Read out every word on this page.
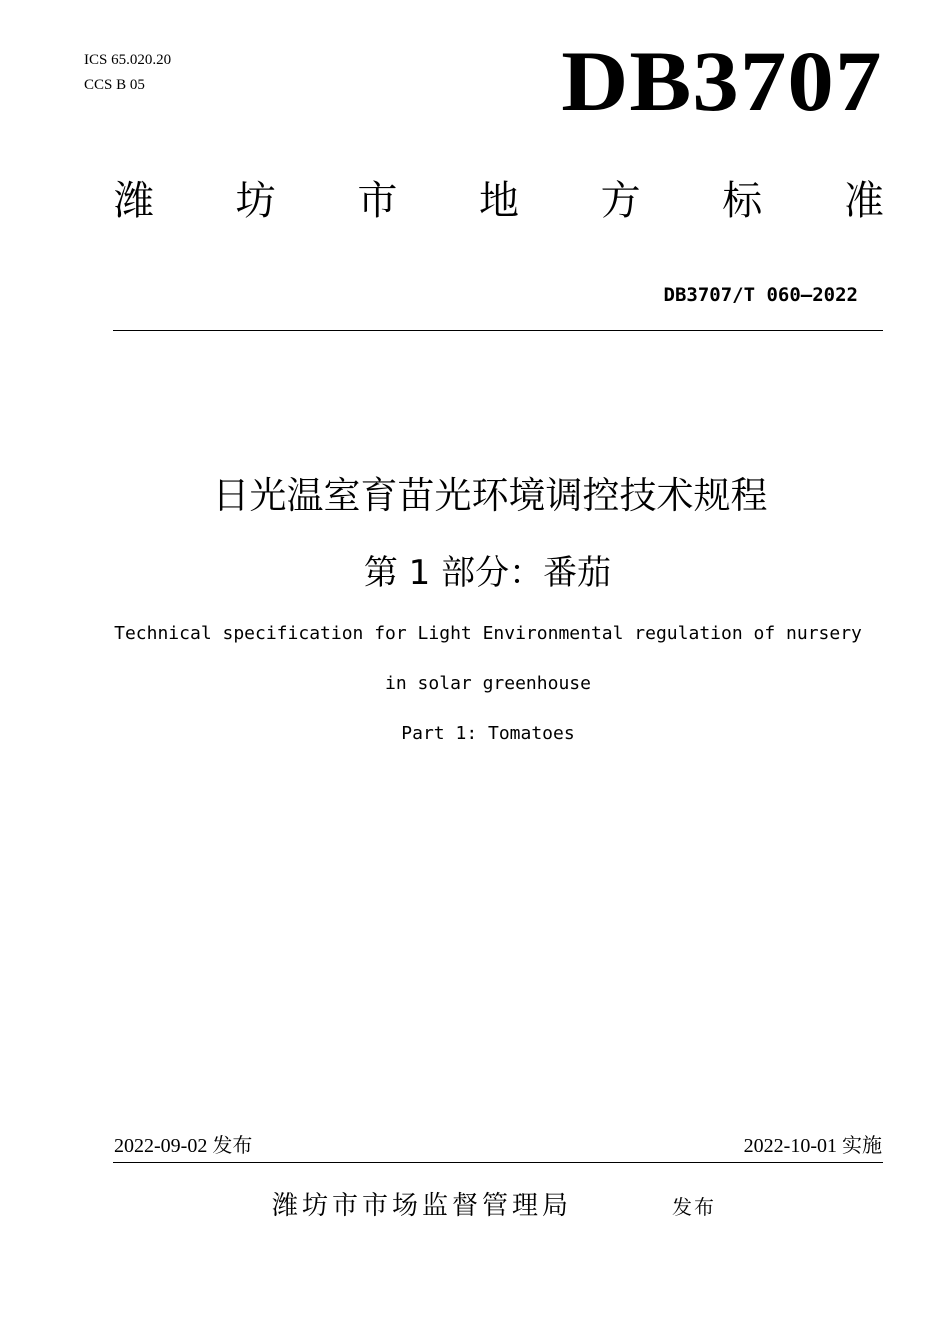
ICS 65.020.20
CCS B 05	DB3707
潍 坊 市 地 方 标 准
DB3707/T 060—2022
日光温室育苗光环境调控技术规程
第 1 部分：番茄
Technical specification for Light Environmental regulation of nursery
in solar greenhouse
Part 1: Tomatoes
2022-09-02 发布	2022-10-01 实施
潍坊市市场监督管理局	发布
